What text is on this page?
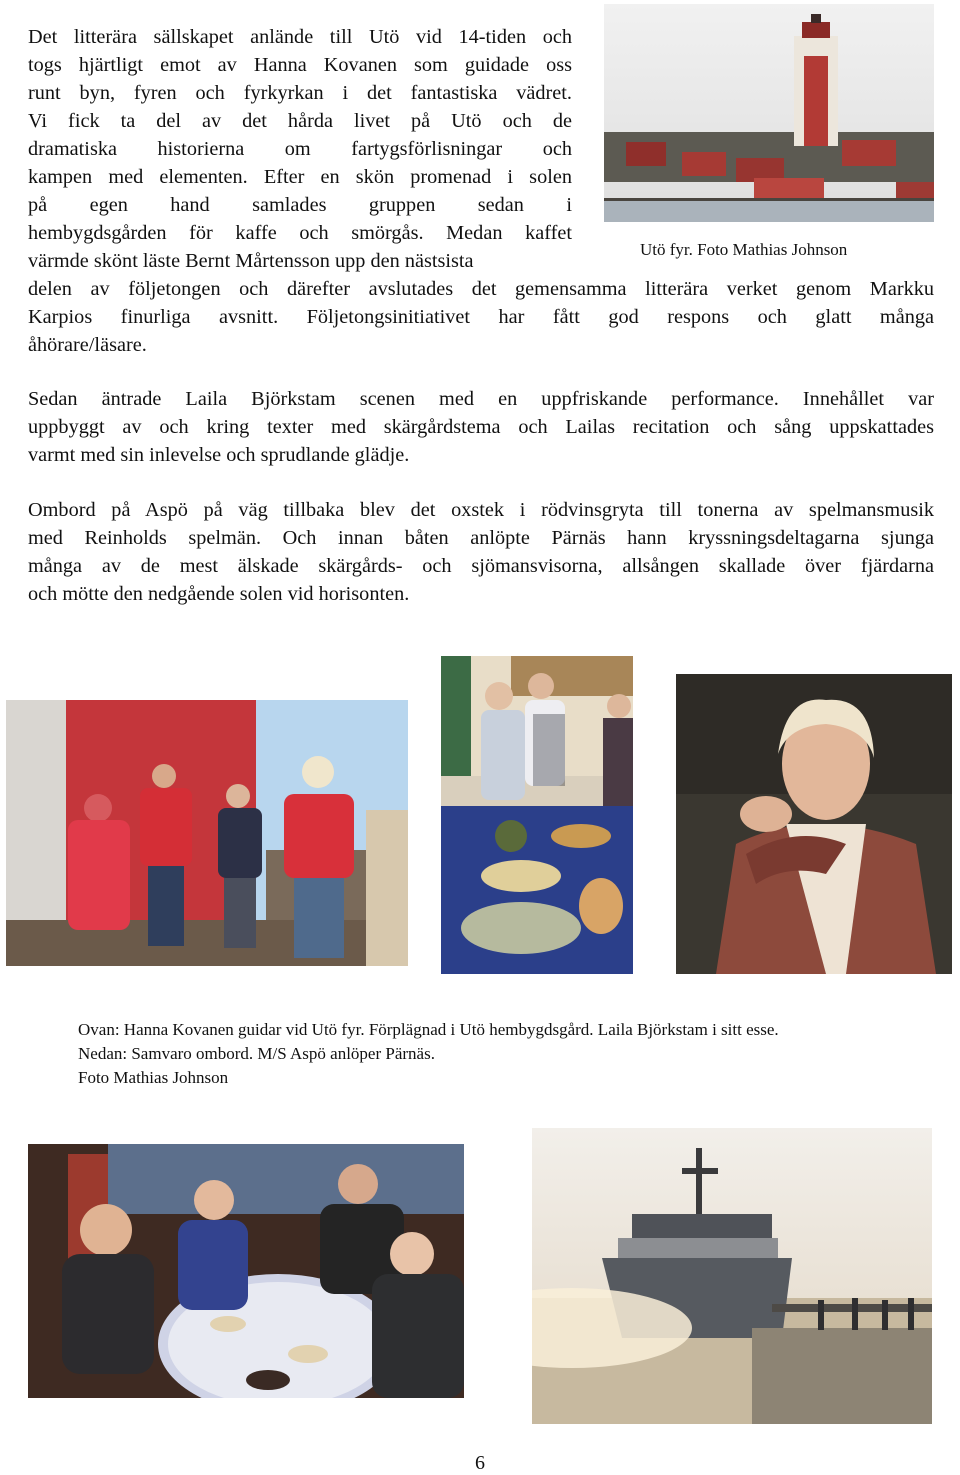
Det litterära sällskapet anlände till Utö vid 14-tiden och
togs hjärtligt emot av Hanna Kovanen som guidade oss
runt byn, fyren och fyrkyrkan i det fantastiska vädret.
Vi fick ta del av det hårda livet på Utö och de
dramatiska historierna om fartygsförlisningar och
kampen med elementen. Efter en skön promenad i solen
på egen hand samlades gruppen sedan i
hembygdsgården för kaffe och smörgås. Medan kaffet
värmde skönt läste Bernt Mårtensson upp den nästsista
delen av följetongen och därefter avslutades det gemensamma litterära verket genom Markku
Karpios finurliga avsnitt. Följetongsinitiativet har fått god respons och glatt många
åhörare/läsare.
Utö fyr. Foto Mathias Johnson
Sedan äntrade Laila Björkstam scenen med en uppfriskande performance. Innehållet var
uppbyggt av och kring texter med skärgårdstema och Lailas recitation och sång uppskattades
varmt med sin inlevelse och sprudlande glädje.
Ombord på Aspö på väg tillbaka blev det oxstek i rödvinsgryta till tonerna av spelmansmusik
med Reinholds spelmän. Och innan båten anlöpte Pärnäs hann kryssningsdeltagarna sjunga
många av de mest älskade skärgårds- och sjömansvisorna, allsången skallade över fjärdarna
och mötte den nedgående solen vid horisonten.
Ovan: Hanna Kovanen guidar vid Utö fyr. Förplägnad i Utö hembygdsgård. Laila Björkstam i sitt esse.
Nedan: Samvaro ombord. M/S Aspö anlöper Pärnäs.
Foto Mathias Johnson
6
